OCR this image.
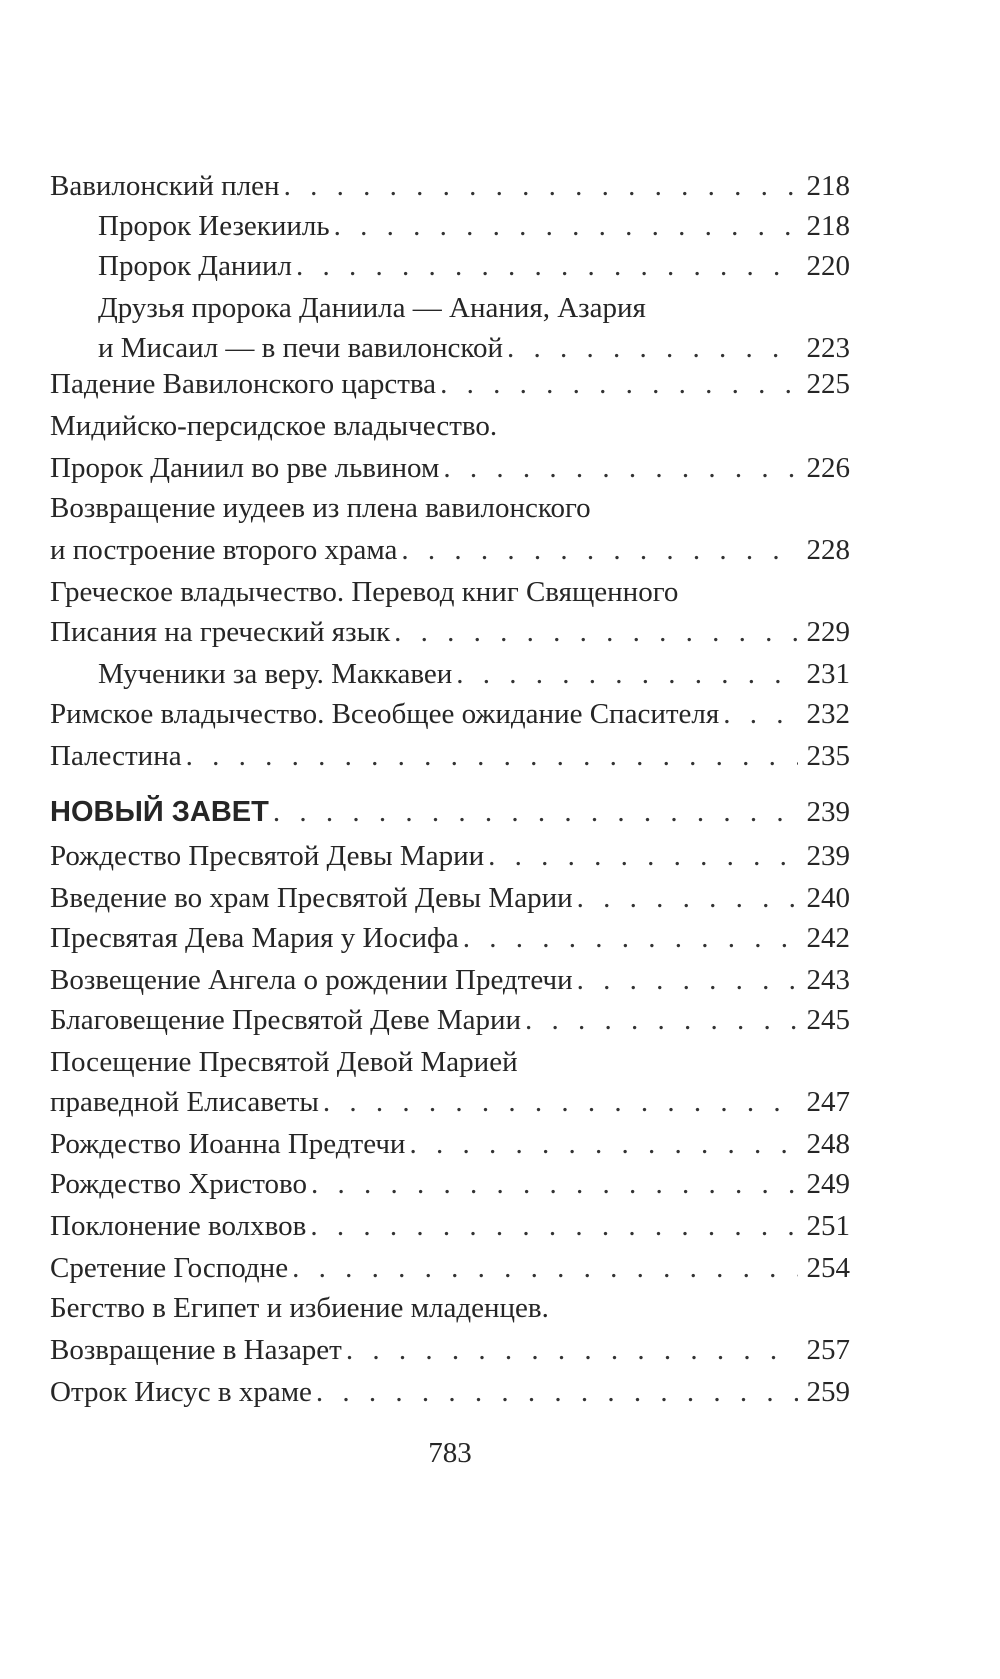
Вавилонский плен . . .	218
Пророк Иезекииль . . .	218
Пророк Даниил . . .	220
Друзья пророка Даниила — Анания, Азария
и Мисаил — в печи вавилонской . . .	223
Падение Вавилонского царства . . .	225
Мидийско-персидское владычество.
Пророк Даниил во рве львином . . .	226
Возвращение иудеев из плена вавилонского
и построение второго храма . . .	228
Греческое владычество. Перевод книг Священного
Писания на греческий язык . . .	229
Мученики за веру. Маккавеи . . .	231
Римское владычество. Всеобщее ожидание Спасителя . . .	232
Палестина . . .	235
НОВЫЙ ЗАВЕТ . . .	239
Рождество Пресвятой Девы Марии . . .	239
Введение во храм Пресвятой Девы Марии . . .	240
Пресвятая Дева Мария у Иосифа . . .	242
Возвещение Ангела о рождении Предтечи . . .	243
Благовещение Пресвятой Деве Марии . . .	245
Посещение Пресвятой Девой Марией
праведной Елисаветы . . .	247
Рождество Иоанна Предтечи . . .	248
Рождество Христово . . .	249
Поклонение волхвов . . .	251
Сретение Господне . . .	254
Бегство в Египет и избиение младенцев.
Возвращение в Назарет . . .	257
Отрок Иисус в храме . . .	259
783
